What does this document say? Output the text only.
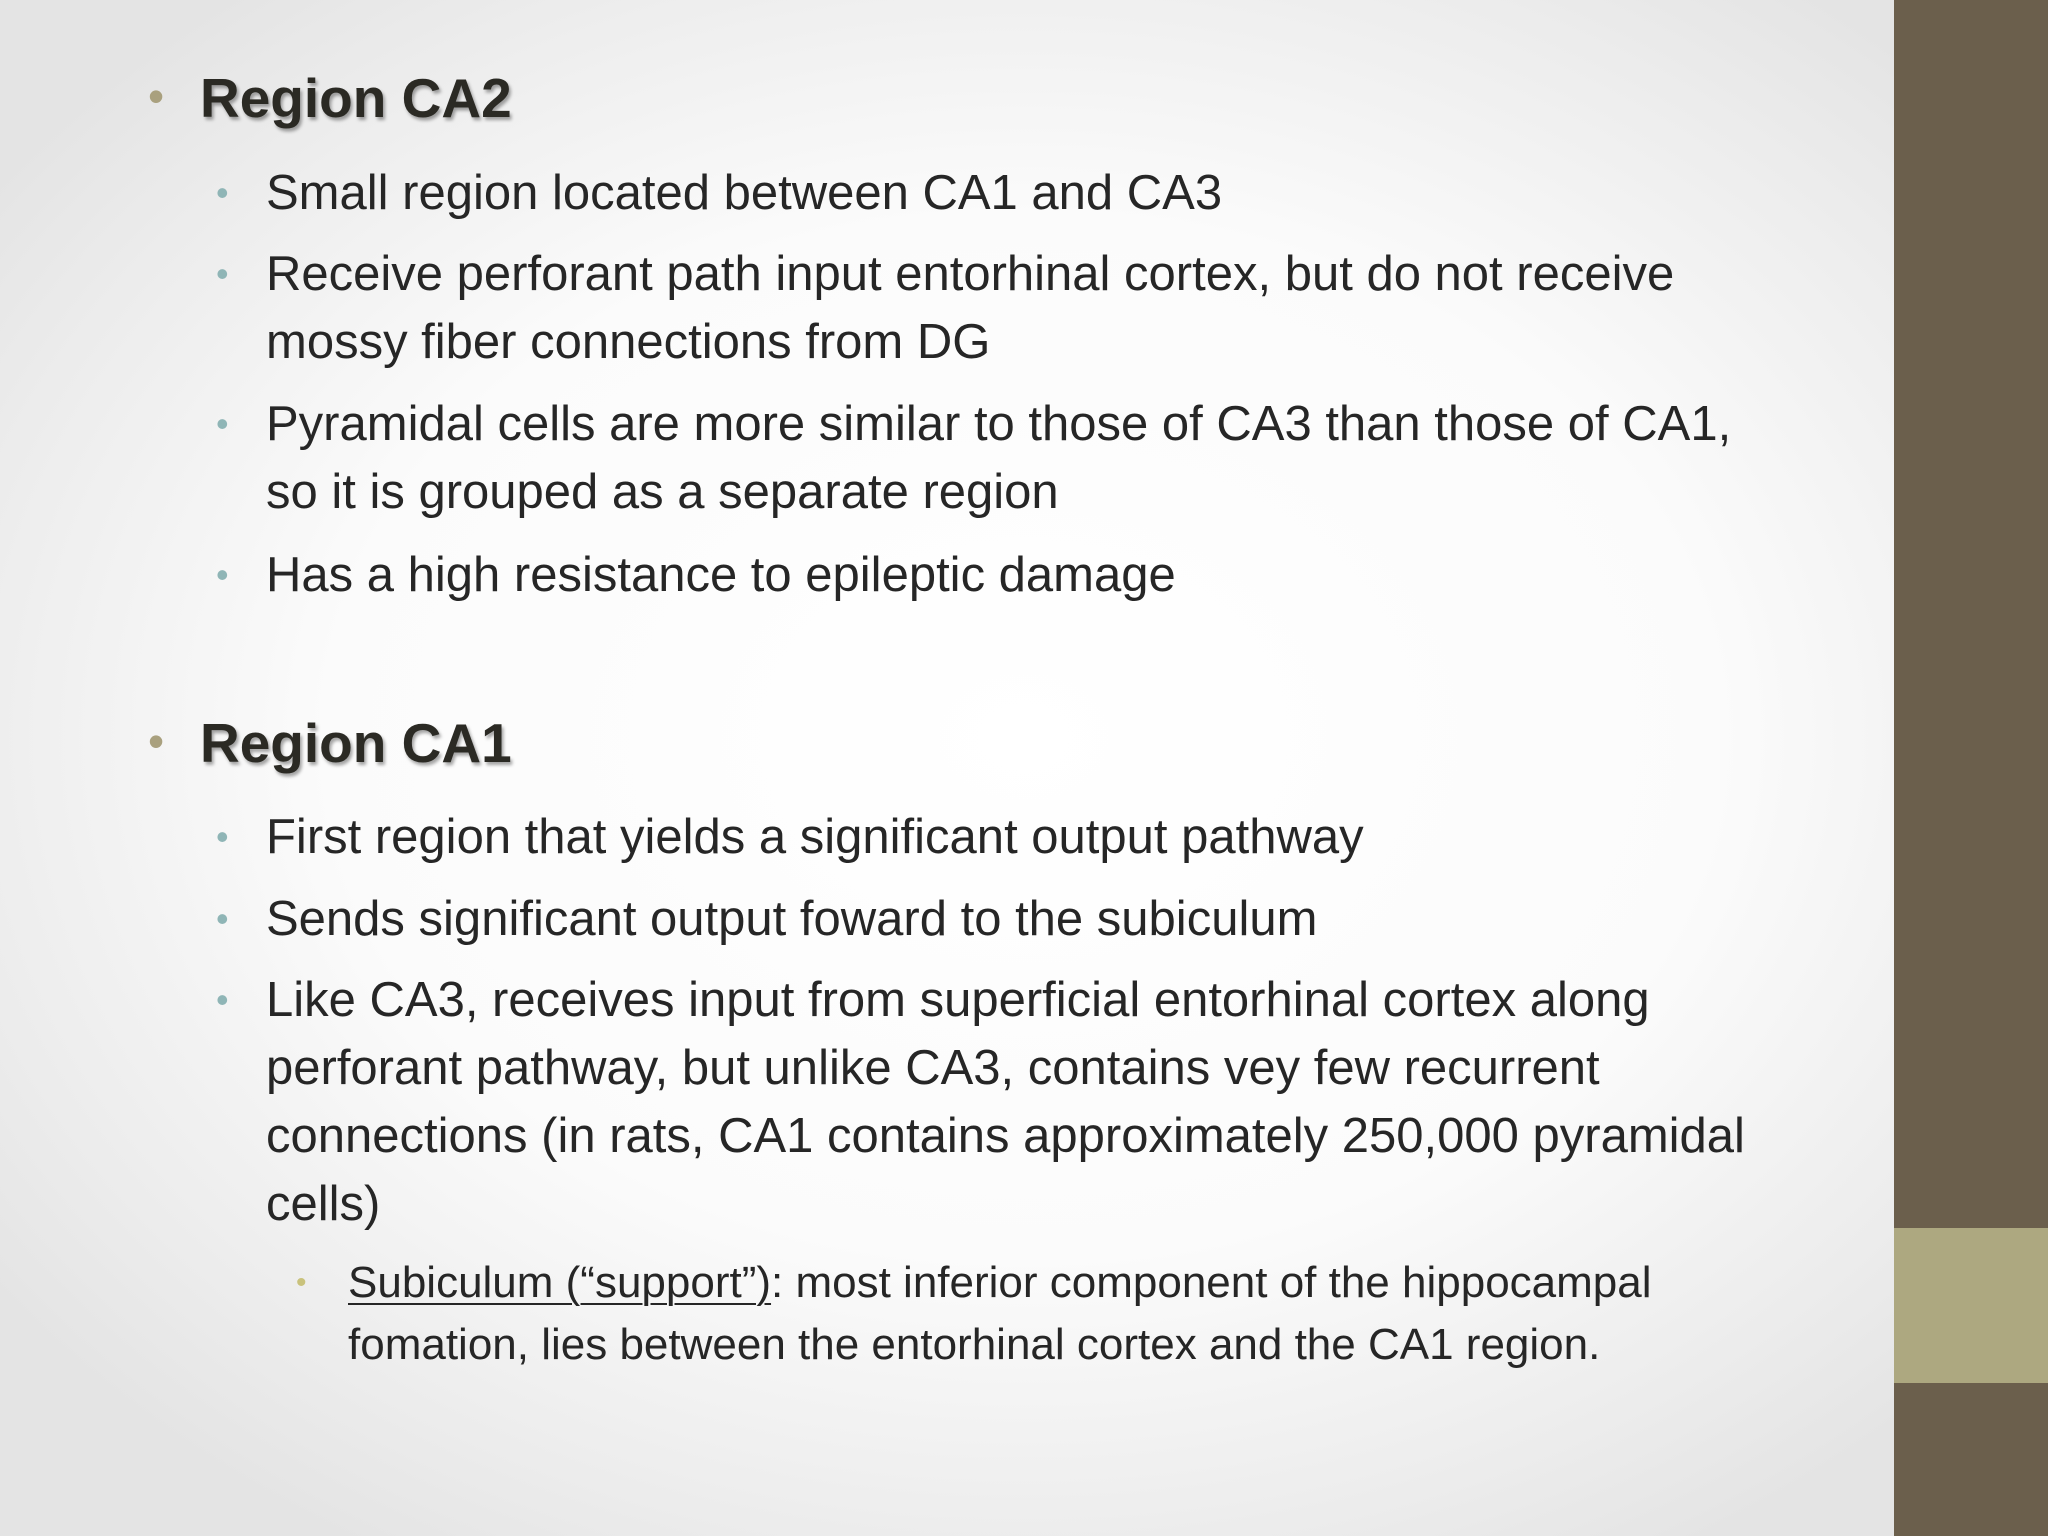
• Region CA2
• Small region located between CA1 and CA3
• Receive perforant path input entorhinal cortex, but do not receive mossy fiber connections from DG
• Pyramidal cells are more similar to those of CA3 than those of CA1, so it is grouped as a separate region
• Has a high resistance to epileptic damage
• Region CA1
• First region that yields a significant output pathway
• Sends significant output foward to the subiculum
• Like CA3, receives input from superficial entorhinal cortex along perforant pathway, but unlike CA3, contains vey few recurrent connections (in rats, CA1 contains approximately 250,000 pyramidal cells)
• Subiculum (“support”): most inferior component of the hippocampal fomation, lies between the entorhinal cortex and the CA1 region.
